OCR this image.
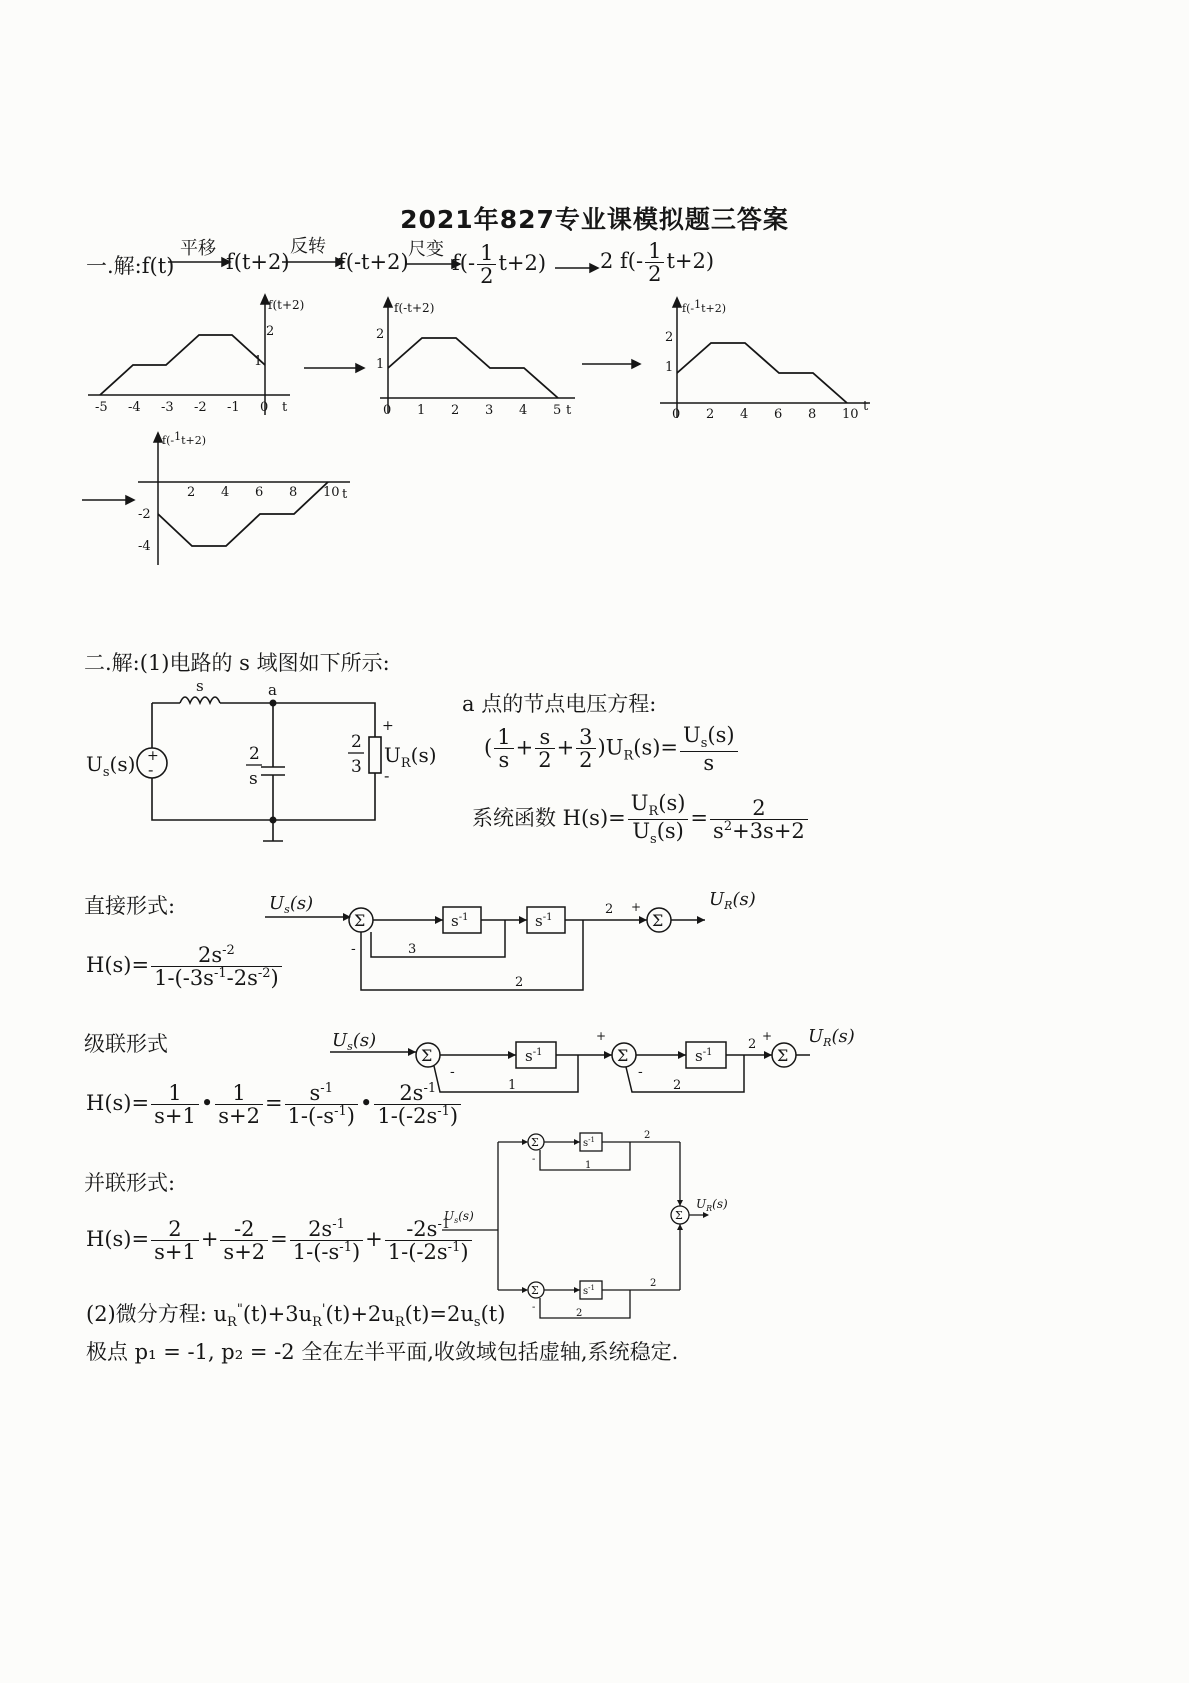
2021年827专业课模拟题三答案
一.解:f(t)
平移	反转	尺变
f(t+2) f(-t+2) $f(- \frac{1}{2} t+2)$	2 $f(- \frac{1}{2} t+2)$
f(t+2)
-5 -4 -3 -2 -1 0 t
1
2
f(-t+2)
0 1 2 3 4 5 t
1
2
f(-1t+2)
0 2 4 6 8 10
t
1
2
f(-1t+2)
2 4 6 8 10 t
-2
-4
二.解:(1)电路的 s 域图如下所示:
+
-
s	a
$U_s(s)$	2
s
2
3
+
-
$U_R(s)$
a 点的节点电压方程:
( $\frac{1}{s} + \frac{s}{2} + \frac{3}{2} )U_R(s)= \frac{U_s(s)}{s}$
系统函数 $H(s)= \frac{U_R(s)}{U_s(s)} = \frac{2}{s^2+3s+2}$
直接形式:
$H(s)= \frac{2s^{-2}}{1-(-3s^{-1}-2s^{-2})}$
$U_s(s)$
Σ	Σ
$s^{-1}$	$s^{-1}$
2 +
3
2
-
$U_R(s)$
级联形式
$H(s)= \frac{1}{s+1}$ • $\frac{1}{s+2} = \frac{s^{-1}}{1-(-s^{-1})}$ • $\frac{2s^{-1}}{1-(-2s^{-1})}$
$U_s(s)$
Σ	Σ	Σ
$s^{-1}$	$s^{-1}$
1	2
2
+	+
-	-
$U_R(s)$
并联形式:
$H(s)= \frac{2}{s+1} + \frac{-2}{s+2} = \frac{2s^{-1}}{1-(-s^{-1})} + \frac{-2s^{-1}}{1-(-2s^{-1})}$
$U_s(s)$
Σ
Σ
Σ
$s^{-1}$
$s^{-1}$
2
1
2
2
-
-
$U_R(s)$
(2)微分方程: $u_R^"(t)+3u_R'(t)+2u_R(t)=2u_s(t)$
极点 p₁ = -1, p₂ = -2 全在左半平面,收敛域包括虚轴,系统稳定.
